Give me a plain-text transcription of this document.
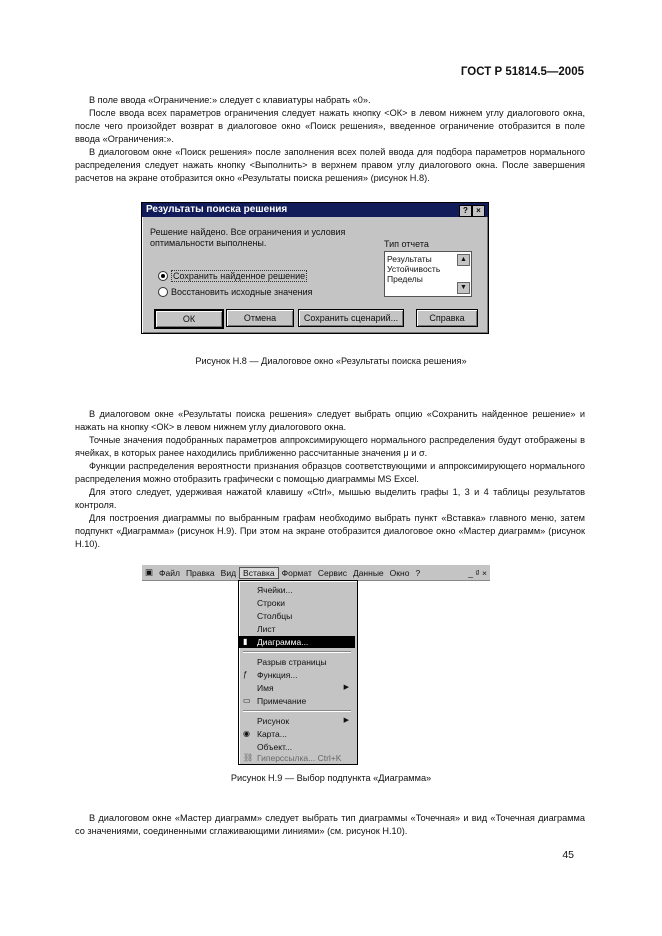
ГОСТ Р 51814.5—2005

В поле ввода «Ограничение:» следует с клавиатуры набрать «0».

После ввода всех параметров ограничения следует нажать кнопку <ОК> в левом нижнем углу диалогового окна, после чего произойдет возврат в диалоговое окно «Поиск решения», введенное ограничение отобразится в поле ввода «Ограничения:».

В диалоговом окне «Поиск решения» после заполнения всех полей ввода для подбора параметров нормального распределения следует нажать кнопку <Выполнить> в верхнем правом углу диалогового окна. После завершения расчетов на экране отобразится окно «Результаты поиска решения» (рисунок Н.8).

Результаты поиска решения	?	×
Решение найдено. Все ограничения и условия
оптимальности выполнены.
Сохранить найденное решение
Восстановить исходные значения
Тип отчета
Результаты
Устойчивость
Пределы
▲
▼
ОК	Отмена	Сохранить сценарий...	Справка
Рисунок Н.8 — Диалоговое окно «Результаты поиска решения»

В диалоговом окне «Результаты поиска решения» следует выбрать опцию «Сохранить найденное решение» и нажать на кнопку <ОК> в левом нижнем углу диалогового окна.

Точные значения подобранных параметров аппроксимирующего нормального распределения будут отображены в ячейках, в которых ранее находились приближенно рассчитанные значения μ и σ.

Функции распределения вероятности признания образцов соответствующими и аппроксимирующего нормального распределения можно отобразить графически с помощью диаграммы MS Excel.

Для этого следует, удерживая нажатой клавишу «Ctrl», мышью выделить графы 1, 3 и 4 таблицы результатов контроля.

Для построения диаграммы по выбранным графам необходимо выбрать пункт «Вставка» главного меню, затем подпункт «Диаграмма» (рисунок Н.9). При этом на экране отобразится диалоговое окно «Мастер диаграмм» (рисунок Н.10).

▣ Файл Правка Вид Вставка Формат Сервис Данные Окно ?	_ ₫ ×
Ячейки...
Строки
Столбцы
Лист
▮	Диаграмма...
Разрыв страницы
ƒ	Функция...
Имя	▶
▭ Примечание
Рисунок	▶
◉ Карта...
Объект...
⛓ Гиперссылка... Ctrl+K
Рисунок Н.9 — Выбор подпункта «Диаграмма»

В диалоговом окне «Мастер диаграмм» следует выбрать тип диаграммы «Точечная» и вид «Точечная диаграмма со значениями, соединенными сглаживающими линиями» (см. рисунок Н.10).

45
